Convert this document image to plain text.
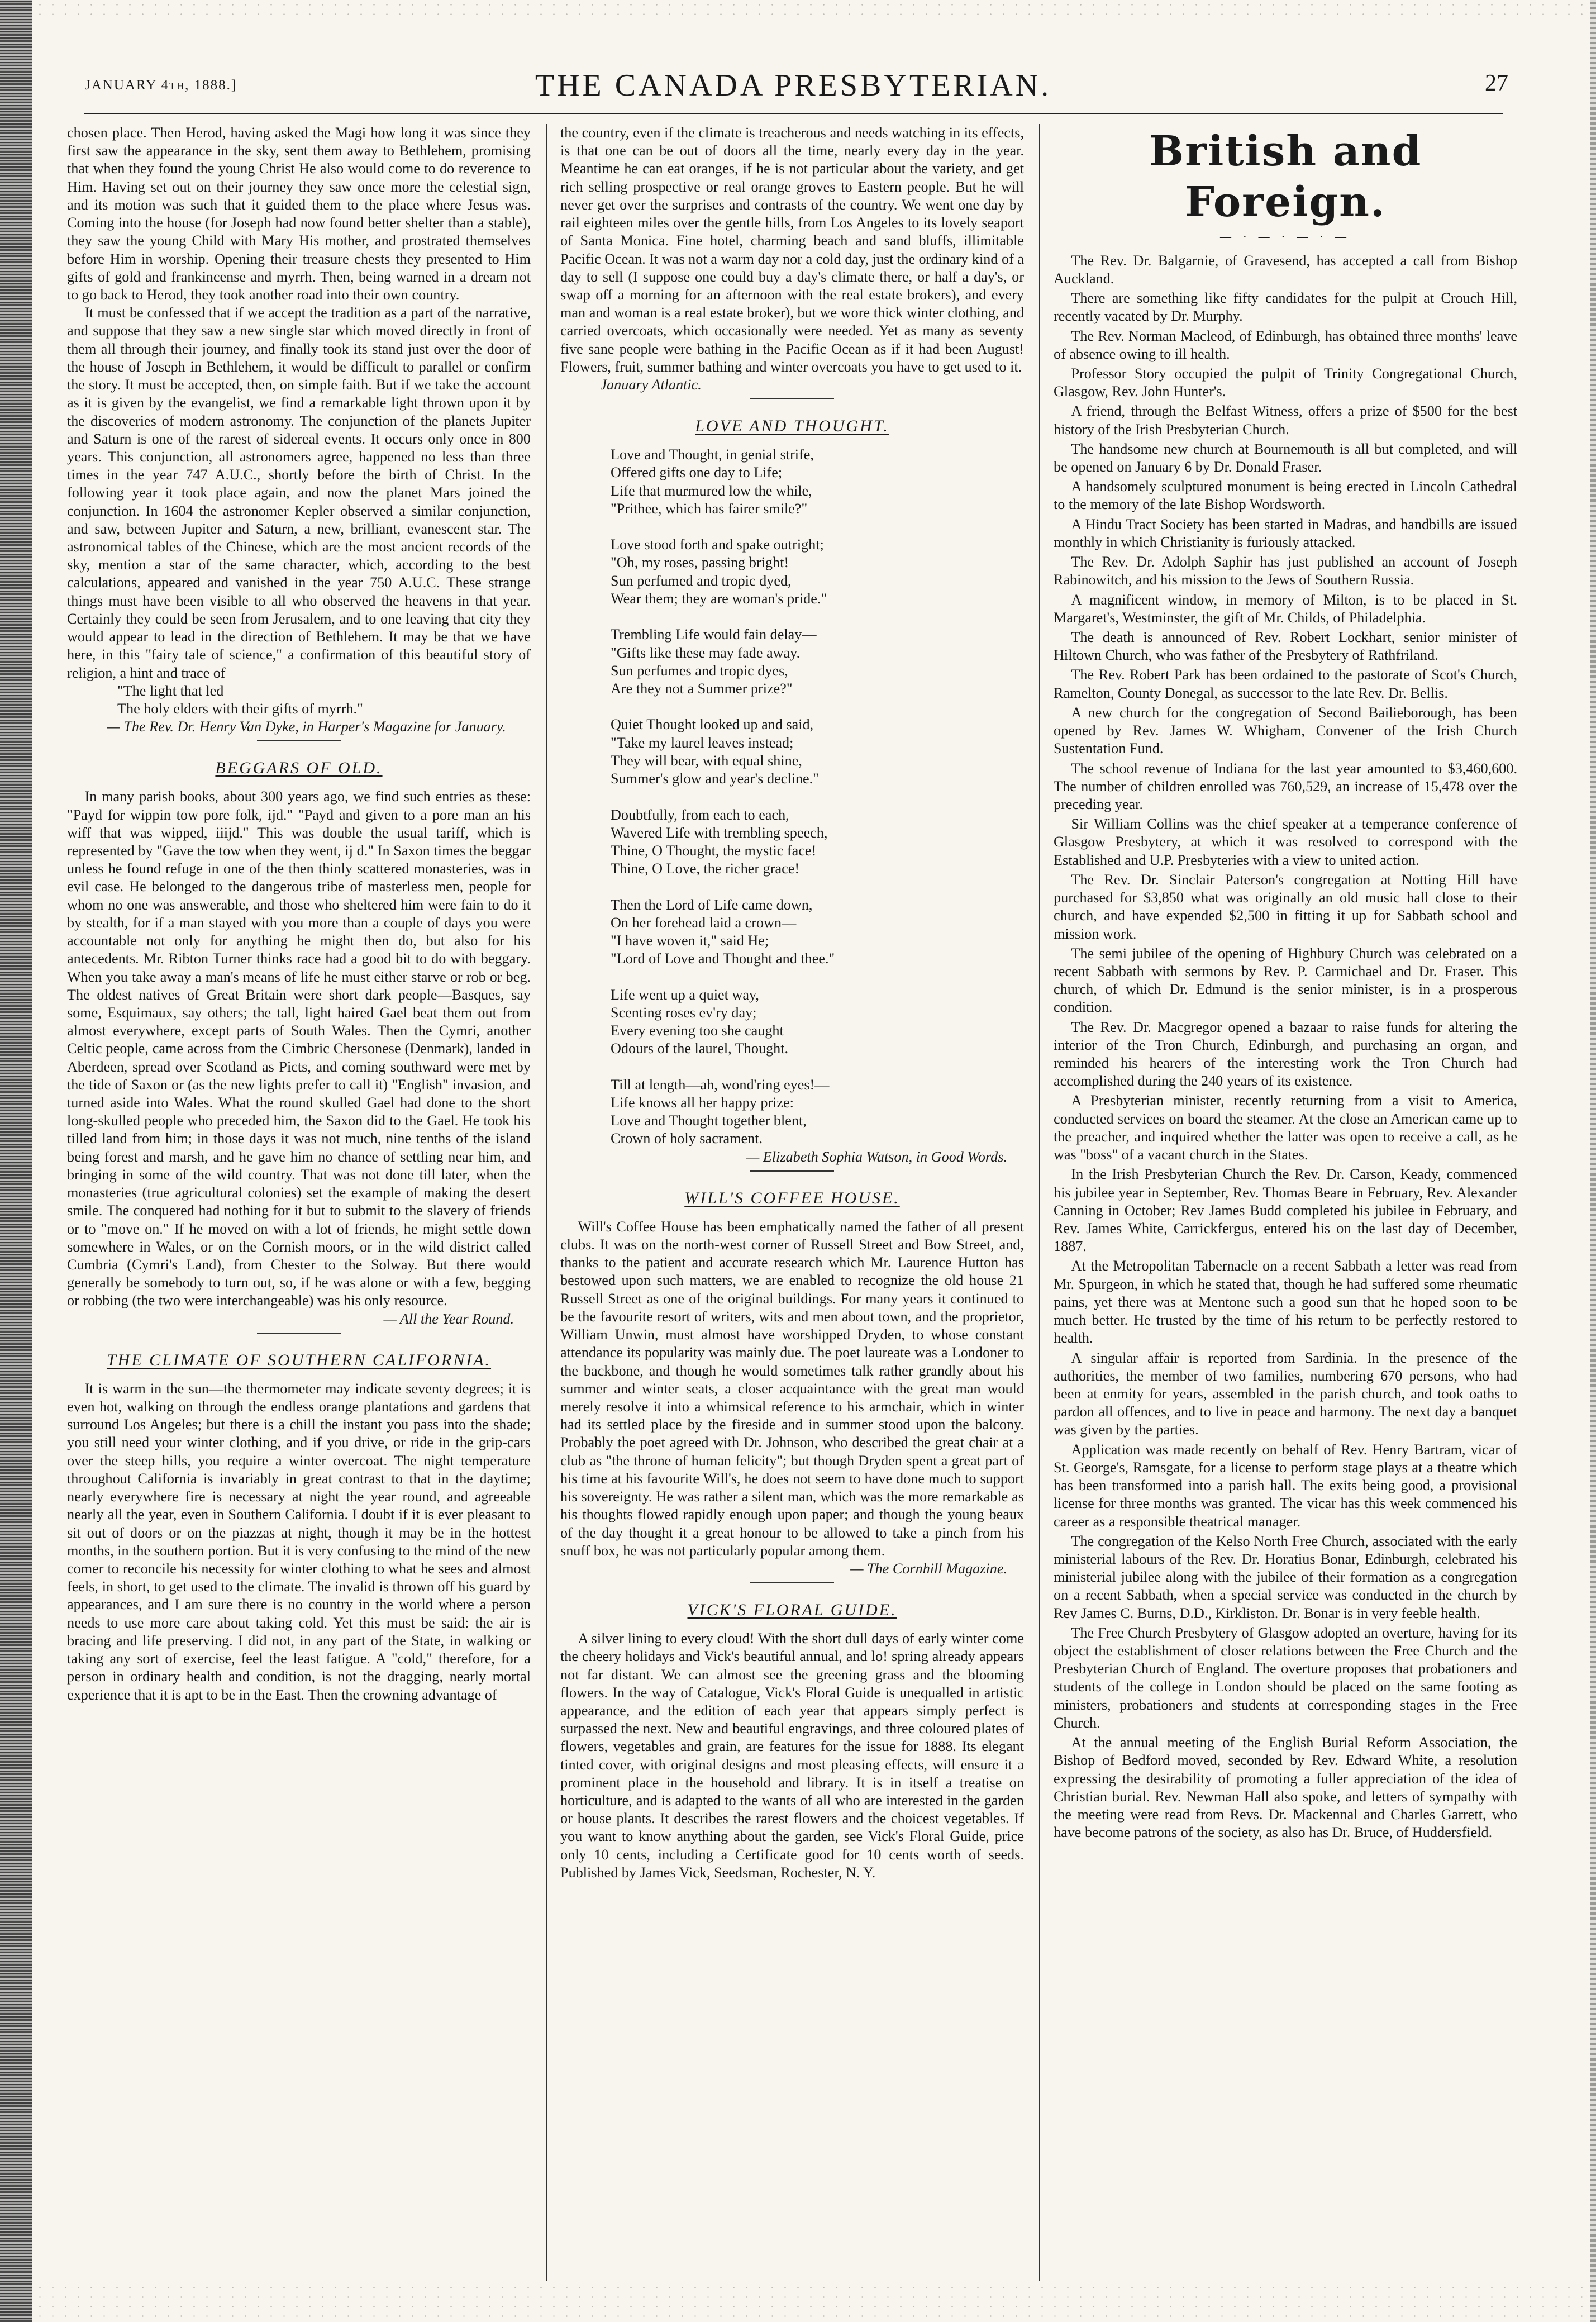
JANUARY 4th, 1888.]	THE CANADA PRESBYTERIAN.	27

chosen place. Then Herod, having asked the Magi how long it was since they first saw the appearance in the sky, sent them away to Bethlehem, promising that when they found the young Christ He also would come to do reverence to Him. Having set out on their journey they saw once more the celestial sign, and its motion was such that it guided them to the place where Jesus was. Coming into the house (for Joseph had now found better shelter than a stable), they saw the young Child with Mary His mother, and prostrated themselves before Him in worship. Opening their treasure chests they presented to Him gifts of gold and frankincense and myrrh. Then, being warned in a dream not to go back to Herod, they took another road into their own country.

It must be confessed that if we accept the tradition as a part of the narrative, and suppose that they saw a new single star which moved directly in front of them all through their journey, and finally took its stand just over the door of the house of Joseph in Bethlehem, it would be difficult to parallel or confirm the story. It must be accepted, then, on simple faith. But if we take the account as it is given by the evangelist, we find a remarkable light thrown upon it by the discoveries of modern astronomy. The conjunction of the planets Jupiter and Saturn is one of the rarest of sidereal events. It occurs only once in 800 years. This conjunction, all astronomers agree, happened no less than three times in the year 747 A.U.C., shortly before the birth of Christ. In the following year it took place again, and now the planet Mars joined the conjunction. In 1604 the astronomer Kepler observed a similar conjunction, and saw, between Jupiter and Saturn, a new, brilliant, evanescent star. The astronomical tables of the Chinese, which are the most ancient records of the sky, mention a star of the same character, which, according to the best calculations, appeared and vanished in the year 750 A.U.C. These strange things must have been visible to all who observed the heavens in that year. Certainly they could be seen from Jerusalem, and to one leaving that city they would appear to lead in the direction of Bethlehem. It may be that we have here, in this "fairy tale of science," a confirmation of this beautiful story of religion, a hint and trace of

"The light that led
The holy elders with their gifts of myrrh."

— The Rev. Dr. Henry Van Dyke, in Harper's Magazine for January.

BEGGARS OF OLD.

In many parish books, about 300 years ago, we find such entries as these: "Payd for wippin tow pore folk, ijd." "Payd and given to a pore man an his wiff that was wipped, iiijd." This was double the usual tariff, which is represented by "Gave the tow when they went, ij d." In Saxon times the beggar unless he found refuge in one of the then thinly scattered monasteries, was in evil case. He belonged to the dangerous tribe of masterless men, people for whom no one was answerable, and those who sheltered him were fain to do it by stealth, for if a man stayed with you more than a couple of days you were accountable not only for anything he might then do, but also for his antecedents. Mr. Ribton Turner thinks race had a good bit to do with beggary. When you take away a man's means of life he must either starve or rob or beg. The oldest natives of Great Britain were short dark people—Basques, say some, Esquimaux, say others; the tall, light haired Gael beat them out from almost everywhere, except parts of South Wales. Then the Cymri, another Celtic people, came across from the Cimbric Chersonese (Denmark), landed in Aberdeen, spread over Scotland as Picts, and coming southward were met by the tide of Saxon or (as the new lights prefer to call it) "English" invasion, and turned aside into Wales. What the round skulled Gael had done to the short long-skulled people who preceded him, the Saxon did to the Gael. He took his tilled land from him; in those days it was not much, nine tenths of the island being forest and marsh, and he gave him no chance of settling near him, and bringing in some of the wild country. That was not done till later, when the monasteries (true agricultural colonies) set the example of making the desert smile. The conquered had nothing for it but to submit to the slavery of friends or to "move on." If he moved on with a lot of friends, he might settle down somewhere in Wales, or on the Cornish moors, or in the wild district called Cumbria (Cymri's Land), from Chester to the Solway. But there would generally be somebody to turn out, so, if he was alone or with a few, begging or robbing (the two were interchangeable) was his only resource.

— All the Year Round.

THE CLIMATE OF SOUTHERN CALIFORNIA.

It is warm in the sun—the thermometer may indicate seventy degrees; it is even hot, walking on through the endless orange plantations and gardens that surround Los Angeles; but there is a chill the instant you pass into the shade; you still need your winter clothing, and if you drive, or ride in the grip-cars over the steep hills, you require a winter overcoat. The night temperature throughout California is invariably in great contrast to that in the daytime; nearly everywhere fire is necessary at night the year round, and agreeable nearly all the year, even in Southern California. I doubt if it is ever pleasant to sit out of doors or on the piazzas at night, though it may be in the hottest months, in the southern portion. But it is very confusing to the mind of the new comer to reconcile his necessity for winter clothing to what he sees and almost feels, in short, to get used to the climate. The invalid is thrown off his guard by appearances, and I am sure there is no country in the world where a person needs to use more care about taking cold. Yet this must be said: the air is bracing and life preserving. I did not, in any part of the State, in walking or taking any sort of exercise, feel the least fatigue. A "cold," therefore, for a person in ordinary health and condition, is not the dragging, nearly mortal experience that it is apt to be in the East. Then the crowning advantage of

the country, even if the climate is treacherous and needs watching in its effects, is that one can be out of doors all the time, nearly every day in the year. Meantime he can eat oranges, if he is not particular about the variety, and get rich selling prospective or real orange groves to Eastern people. But he will never get over the surprises and contrasts of the country. We went one day by rail eighteen miles over the gentle hills, from Los Angeles to its lovely seaport of Santa Monica. Fine hotel, charming beach and sand bluffs, illimitable Pacific Ocean. It was not a warm day nor a cold day, just the ordinary kind of a day to sell (I suppose one could buy a day's climate there, or half a day's, or swap off a morning for an afternoon with the real estate brokers), and every man and woman is a real estate broker), but we wore thick winter clothing, and carried overcoats, which occasionally were needed. Yet as many as seventy five sane people were bathing in the Pacific Ocean as if it had been August! Flowers, fruit, summer bathing and winter overcoats you have to get used to it.

January Atlantic.

LOVE AND THOUGHT.

Love and Thought, in genial strife,
Offered gifts one day to Life;
Life that murmured low the while,
"Prithee, which has fairer smile?"

Love stood forth and spake outright;
"Oh, my roses, passing bright!
Sun perfumed and tropic dyed,
Wear them; they are woman's pride."

Trembling Life would fain delay—
"Gifts like these may fade away.
Sun perfumes and tropic dyes,
Are they not a Summer prize?"

Quiet Thought looked up and said,
"Take my laurel leaves instead;
They will bear, with equal shine,
Summer's glow and year's decline."

Doubtfully, from each to each,
Wavered Life with trembling speech,
Thine, O Thought, the mystic face!
Thine, O Love, the richer grace!

Then the Lord of Life came down,
On her forehead laid a crown—
"I have woven it," said He;
"Lord of Love and Thought and thee."

Life went up a quiet way,
Scenting roses ev'ry day;
Every evening too she caught
Odours of the laurel, Thought.

Till at length—ah, wond'ring eyes!—
Life knows all her happy prize:
Love and Thought together blent,
Crown of holy sacrament.

— Elizabeth Sophia Watson, in Good Words.

WILL'S COFFEE HOUSE.

Will's Coffee House has been emphatically named the father of all present clubs. It was on the north-west corner of Russell Street and Bow Street, and, thanks to the patient and accurate research which Mr. Laurence Hutton has bestowed upon such matters, we are enabled to recognize the old house 21 Russell Street as one of the original buildings. For many years it continued to be the favourite resort of writers, wits and men about town, and the proprietor, William Unwin, must almost have worshipped Dryden, to whose constant attendance its popularity was mainly due. The poet laureate was a Londoner to the backbone, and though he would sometimes talk rather grandly about his summer and winter seats, a closer acquaintance with the great man would merely resolve it into a whimsical reference to his armchair, which in winter had its settled place by the fireside and in summer stood upon the balcony. Probably the poet agreed with Dr. Johnson, who described the great chair at a club as "the throne of human felicity"; but though Dryden spent a great part of his time at his favourite Will's, he does not seem to have done much to support his sovereignty. He was rather a silent man, which was the more remarkable as his thoughts flowed rapidly enough upon paper; and though the young beaux of the day thought it a great honour to be allowed to take a pinch from his snuff box, he was not particularly popular among them.

— The Cornhill Magazine.

VICK'S FLORAL GUIDE.

A silver lining to every cloud! With the short dull days of early winter come the cheery holidays and Vick's beautiful annual, and lo! spring already appears not far distant. We can almost see the greening grass and the blooming flowers. In the way of Catalogue, Vick's Floral Guide is unequalled in artistic appearance, and the edition of each year that appears simply perfect is surpassed the next. New and beautiful engravings, and three coloured plates of flowers, vegetables and grain, are features for the issue for 1888. Its elegant tinted cover, with original designs and most pleasing effects, will ensure it a prominent place in the household and library. It is in itself a treatise on horticulture, and is adapted to the wants of all who are interested in the garden or house plants. It describes the rarest flowers and the choicest vegetables. If you want to know anything about the garden, see Vick's Floral Guide, price only 10 cents, including a Certificate good for 10 cents worth of seeds. Published by James Vick, Seedsman, Rochester, N. Y.

British and Foreign.
— · — · — · —

The Rev. Dr. Balgarnie, of Gravesend, has accepted a call from Bishop Auckland.

There are something like fifty candidates for the pulpit at Crouch Hill, recently vacated by Dr. Murphy.

The Rev. Norman Macleod, of Edinburgh, has obtained three months' leave of absence owing to ill health.

Professor Story occupied the pulpit of Trinity Congregational Church, Glasgow, Rev. John Hunter's.

A friend, through the Belfast Witness, offers a prize of $500 for the best history of the Irish Presbyterian Church.

The handsome new church at Bournemouth is all but completed, and will be opened on January 6 by Dr. Donald Fraser.

A handsomely sculptured monument is being erected in Lincoln Cathedral to the memory of the late Bishop Wordsworth.

A Hindu Tract Society has been started in Madras, and handbills are issued monthly in which Christianity is furiously attacked.

The Rev. Dr. Adolph Saphir has just published an account of Joseph Rabinowitch, and his mission to the Jews of Southern Russia.

A magnificent window, in memory of Milton, is to be placed in St. Margaret's, Westminster, the gift of Mr. Childs, of Philadelphia.

The death is announced of Rev. Robert Lockhart, senior minister of Hiltown Church, who was father of the Presbytery of Rathfriland.

The Rev. Robert Park has been ordained to the pastorate of Scot's Church, Ramelton, County Donegal, as successor to the late Rev. Dr. Bellis.

A new church for the congregation of Second Bailieborough, has been opened by Rev. James W. Whigham, Convener of the Irish Church Sustentation Fund.

The school revenue of Indiana for the last year amounted to $3,460,600. The number of children enrolled was 760,529, an increase of 15,478 over the preceding year.

Sir William Collins was the chief speaker at a temperance conference of Glasgow Presbytery, at which it was resolved to correspond with the Established and U.P. Presbyteries with a view to united action.

The Rev. Dr. Sinclair Paterson's congregation at Notting Hill have purchased for $3,850 what was originally an old music hall close to their church, and have expended $2,500 in fitting it up for Sabbath school and mission work.

The semi jubilee of the opening of Highbury Church was celebrated on a recent Sabbath with sermons by Rev. P. Carmichael and Dr. Fraser. This church, of which Dr. Edmund is the senior minister, is in a prosperous condition.

The Rev. Dr. Macgregor opened a bazaar to raise funds for altering the interior of the Tron Church, Edinburgh, and purchasing an organ, and reminded his hearers of the interesting work the Tron Church had accomplished during the 240 years of its existence.

A Presbyterian minister, recently returning from a visit to America, conducted services on board the steamer. At the close an American came up to the preacher, and inquired whether the latter was open to receive a call, as he was "boss" of a vacant church in the States.

In the Irish Presbyterian Church the Rev. Dr. Carson, Keady, commenced his jubilee year in September, Rev. Thomas Beare in February, Rev. Alexander Canning in October; Rev James Budd completed his jubilee in February, and Rev. James White, Carrickfergus, entered his on the last day of December, 1887.

At the Metropolitan Tabernacle on a recent Sabbath a letter was read from Mr. Spurgeon, in which he stated that, though he had suffered some rheumatic pains, yet there was at Mentone such a good sun that he hoped soon to be much better. He trusted by the time of his return to be perfectly restored to health.

A singular affair is reported from Sardinia. In the presence of the authorities, the member of two families, numbering 670 persons, who had been at enmity for years, assembled in the parish church, and took oaths to pardon all offences, and to live in peace and harmony. The next day a banquet was given by the parties.

Application was made recently on behalf of Rev. Henry Bartram, vicar of St. George's, Ramsgate, for a license to perform stage plays at a theatre which has been transformed into a parish hall. The exits being good, a provisional license for three months was granted. The vicar has this week commenced his career as a responsible theatrical manager.

The congregation of the Kelso North Free Church, associated with the early ministerial labours of the Rev. Dr. Horatius Bonar, Edinburgh, celebrated his ministerial jubilee along with the jubilee of their formation as a congregation on a recent Sabbath, when a special service was conducted in the church by Rev James C. Burns, D.D., Kirkliston. Dr. Bonar is in very feeble health.

The Free Church Presbytery of Glasgow adopted an overture, having for its object the establishment of closer relations between the Free Church and the Presbyterian Church of England. The overture proposes that probationers and students of the college in London should be placed on the same footing as ministers, probationers and students at corresponding stages in the Free Church.

At the annual meeting of the English Burial Reform Association, the Bishop of Bedford moved, seconded by Rev. Edward White, a resolution expressing the desirability of promoting a fuller appreciation of the idea of Christian burial. Rev. Newman Hall also spoke, and letters of sympathy with the meeting were read from Revs. Dr. Mackennal and Charles Garrett, who have become patrons of the society, as also has Dr. Bruce, of Huddersfield.
